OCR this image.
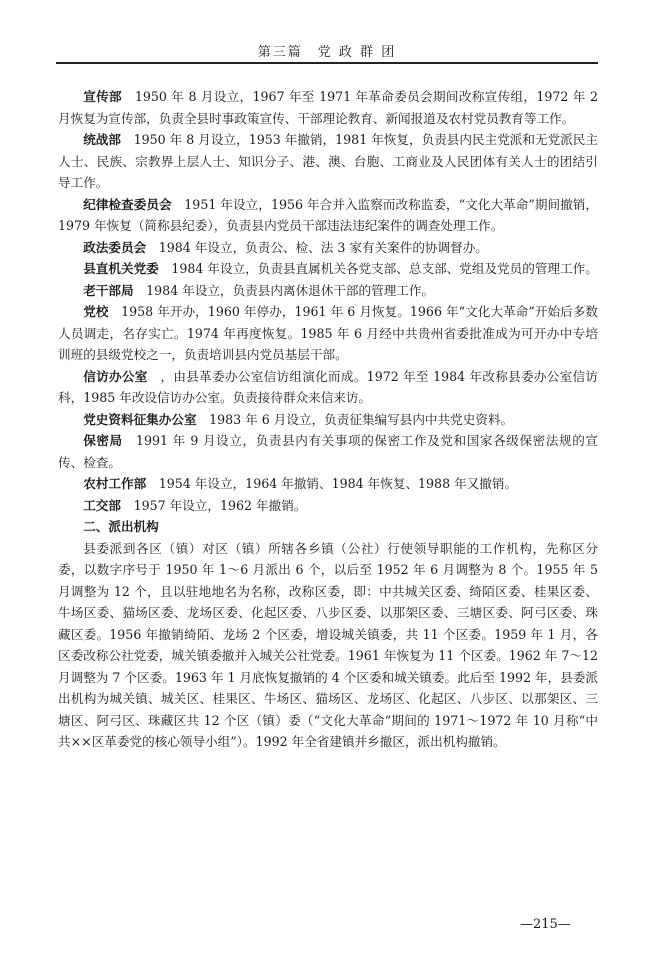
第三篇　党 政 群 团

宣传部　1950 年 8 月设立，1967 年至 1971 年革命委员会期间改称宣传组，1972 年 2 月恢复为宣传部，负责全县时事政策宣传、干部理论教育、新闻报道及农村党员教育等工作。

统战部　1950 年 8 月设立，1953 年撤销，1981 年恢复，负责县内民主党派和无党派民主人士、民族、宗教界上层人士、知识分子、港、澳、台胞、工商业及人民团体有关人士的团结引导工作。

纪律检查委员会　1951 年设立，1956 年合并入监察而改称监委，“文化大革命”期间撤销，1979 年恢复（简称县纪委），负责县内党员干部违法违纪案件的调查处理工作。

政法委员会　1984 年设立，负责公、检、法 3 家有关案件的协调督办。

县直机关党委　1984 年设立，负责县直属机关各党支部、总支部、党组及党员的管理工作。

老干部局　1984 年设立，负责县内离休退休干部的管理工作。

党校　1958 年开办，1960 年停办，1961 年 6 月恢复。1966 年“文化大革命”开始后多数人员调走，名存实亡。1974 年再度恢复。1985 年 6 月经中共贵州省委批准成为可开办中专培训班的县级党校之一，负责培训县内党员基层干部。

信访办公室　，由县革委办公室信访组演化而成。1972 年至 1984 年改称县委办公室信访科，1985 年改设信访办公室。负责接待群众来信来访。

党史资料征集办公室　1983 年 6 月设立，负责征集编写县内中共党史资料。

保密局　1991 年 9 月设立，负责县内有关事项的保密工作及党和国家各级保密法规的宣传、检查。

农村工作部　1954 年设立，1964 年撤销、1984 年恢复、1988 年又撤销。

工交部　1957 年设立，1962 年撤销。

二、派出机构

县委派到各区（镇）对区（镇）所辖各乡镇（公社）行使领导职能的工作机构，先称区分委，以数字序号于 1950 年 1～6 月派出 6 个，以后至 1952 年 6 月调整为 8 个。1955 年 5 月调整为 12 个，且以驻地地名为名称，改称区委，即：中共城关区委、绮陌区委、桂果区委、牛场区委、猫场区委、龙场区委、化起区委、八步区委、以那架区委、三塘区委、阿弓区委、珠藏区委。1956 年撤销绮陌、龙场 2 个区委，增设城关镇委，共 11 个区委。1959 年 1 月，各区委改称公社党委，城关镇委撤并入城关公社党委。1961 年恢复为 11 个区委。1962 年 7～12 月调整为 7 个区委。1963 年 1 月底恢复撤销的 4 个区委和城关镇委。此后至 1992 年，县委派出机构为城关镇、城关区、桂果区、牛场区、猫场区、龙场区、化起区、八步区、以那架区、三塘区、阿弓区、珠藏区共 12 个区（镇）委（“文化大革命”期间的 1971～1972 年 10 月称“中共××区革委党的核心领导小组”）。1992 年全省建镇并乡撤区，派出机构撤销。

—215—
